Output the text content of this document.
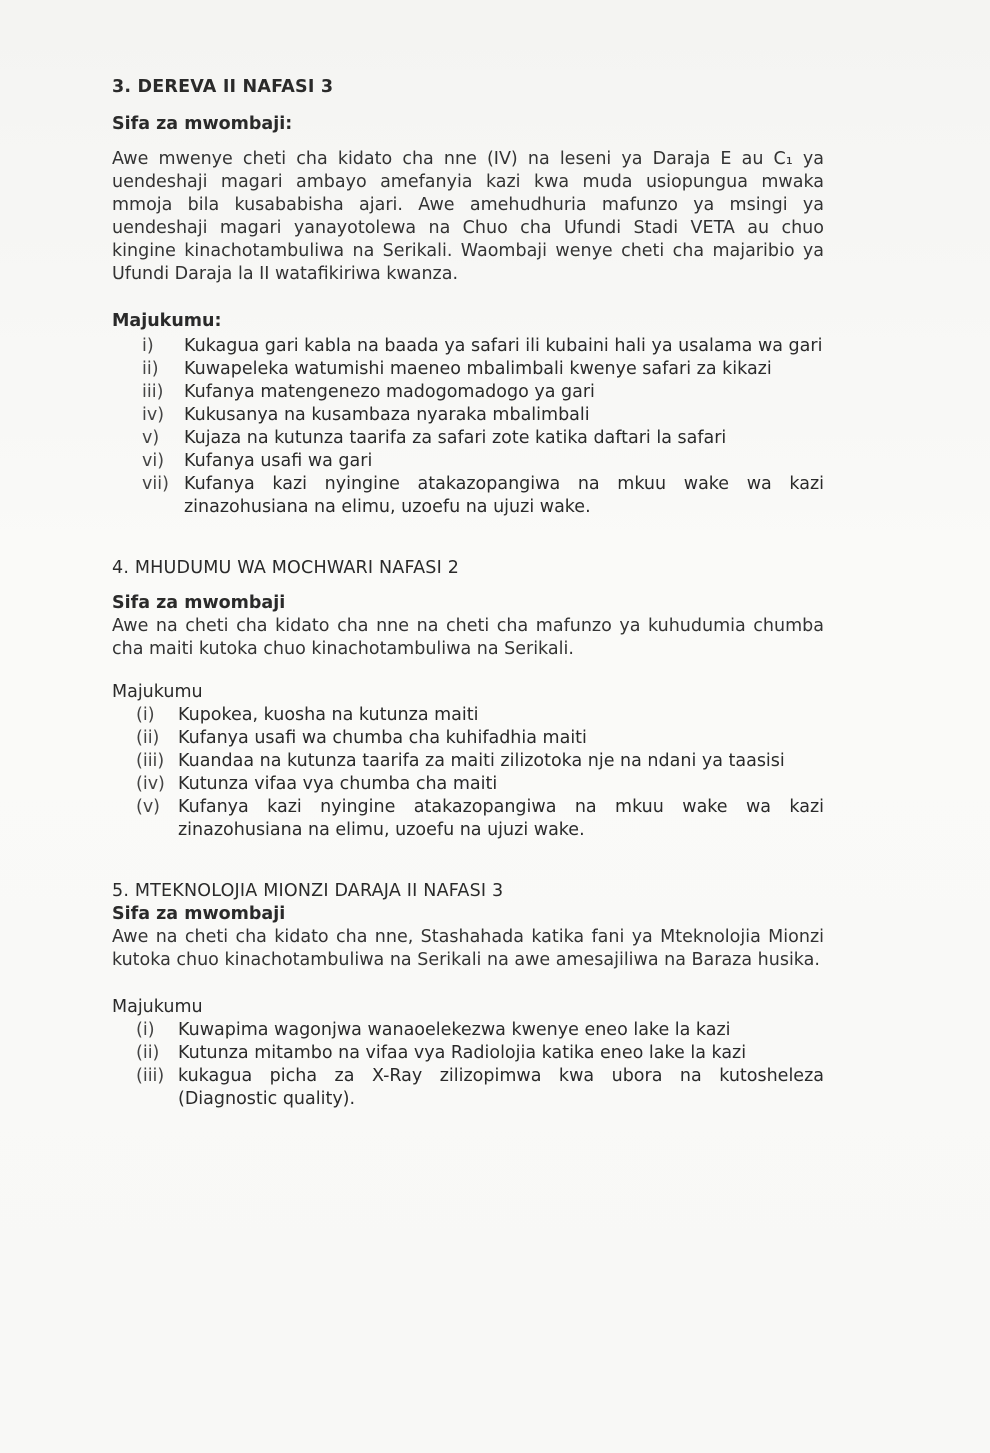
3. DEREVA II NAFASI 3
Sifa za mwombaji:
Awe mwenye cheti cha kidato cha nne (IV) na leseni ya Daraja E au C₁ ya uendeshaji magari ambayo amefanyia kazi kwa muda usiopungua mwaka mmoja bila kusababisha ajari. Awe amehudhuria mafunzo ya msingi ya uendeshaji magari yanayotolewa na Chuo cha Ufundi Stadi VETA au chuo kingine kinachotambuliwa na Serikali. Waombaji wenye cheti cha majaribio ya Ufundi Daraja la II watafikiriwa kwanza.
Majukumu:
i)	Kukagua gari kabla na baada ya safari ili kubaini hali ya usalama wa gari
ii)	Kuwapeleka watumishi maeneo mbalimbali kwenye safari za kikazi
iii)	Kufanya matengenezo madogomadogo ya gari
iv)	Kukusanya na kusambaza nyaraka mbalimbali
v)	Kujaza na kutunza taarifa za safari zote katika daftari la safari
vi)	Kufanya usafi wa gari
vii) Kufanya kazi nyingine atakazopangiwa na mkuu wake wa kazi zinazohusiana na elimu, uzoefu na ujuzi wake.
4. MHUDUMU WA MOCHWARI NAFASI 2
Sifa za mwombaji
Awe na cheti cha kidato cha nne na cheti cha mafunzo ya kuhudumia chumba cha maiti kutoka chuo kinachotambuliwa na Serikali.
Majukumu
(i)	Kupokea, kuosha na kutunza maiti
(ii)	Kufanya usafi wa chumba cha kuhifadhia maiti
(iii) Kuandaa na kutunza taarifa za maiti zilizotoka nje na ndani ya taasisi
(iv) Kutunza vifaa vya chumba cha maiti
(v)	Kufanya kazi nyingine atakazopangiwa na mkuu wake wa kazi zinazohusiana na elimu, uzoefu na ujuzi wake.
5. MTEKNOLOJIA MIONZI DARAJA II NAFASI 3
Sifa za mwombaji
Awe na cheti cha kidato cha nne, Stashahada katika fani ya Mteknolojia Mionzi kutoka chuo kinachotambuliwa na Serikali na awe amesajiliwa na Baraza husika.
Majukumu
(i)	Kuwapima wagonjwa wanaoelekezwa kwenye eneo lake la kazi
(ii)	Kutunza mitambo na vifaa vya Radiolojia katika eneo lake la kazi
(iii) kukagua picha za X-Ray zilizopimwa kwa ubora na kutosheleza (Diagnostic quality).
